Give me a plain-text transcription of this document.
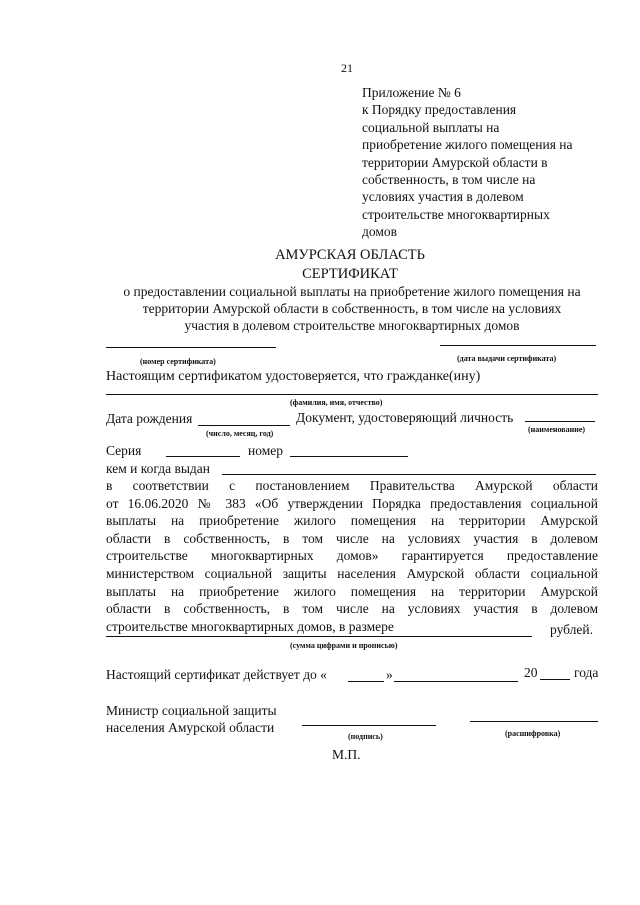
21
Приложение № 6
к Порядку предоставления
социальной выплаты на
приобретение жилого помещения на
территории Амурской области в
собственность, в том числе на
условиях участия в долевом
строительстве многоквартирных
домов
АМУРСКАЯ ОБЛАСТЬ
СЕРТИФИКАТ
о предоставлении социальной выплаты на приобретение жилого помещения на
территории Амурской области в собственность, в том числе на условиях
участия в долевом строительстве многоквартирных домов
(номер сертификата)	(дата выдачи сертификата)
Настоящим сертификатом удостоверяется, что гражданке(ину)
(фамилия, имя, отчество)
Дата рождения	Документ, удостоверяющий личность
(число, месяц, год)	(наименование)
Серия	номер
кем и когда выдан
в соответствии с постановлением Правительства Амурской области
от 16.06.2020 № 383 «Об утверждении Порядка предоставления социальной
выплаты на приобретение жилого помещения на территории Амурской
области в собственность, в том числе на условиях участия в долевом
строительстве многоквартирных домов» гарантируется предоставление
министерством социальной защиты населения Амурской области социальной
выплаты на приобретение жилого помещения на территории Амурской
области в собственность, в том числе на условиях участия в долевом
строительстве многоквартирных домов, в размере	рублей.
(сумма цифрами и прописью)
Настоящий сертификат действует до «	»	20	года
Министр социальной защиты
населения Амурской области
(подпись)	(расшифровка)
М.П.
